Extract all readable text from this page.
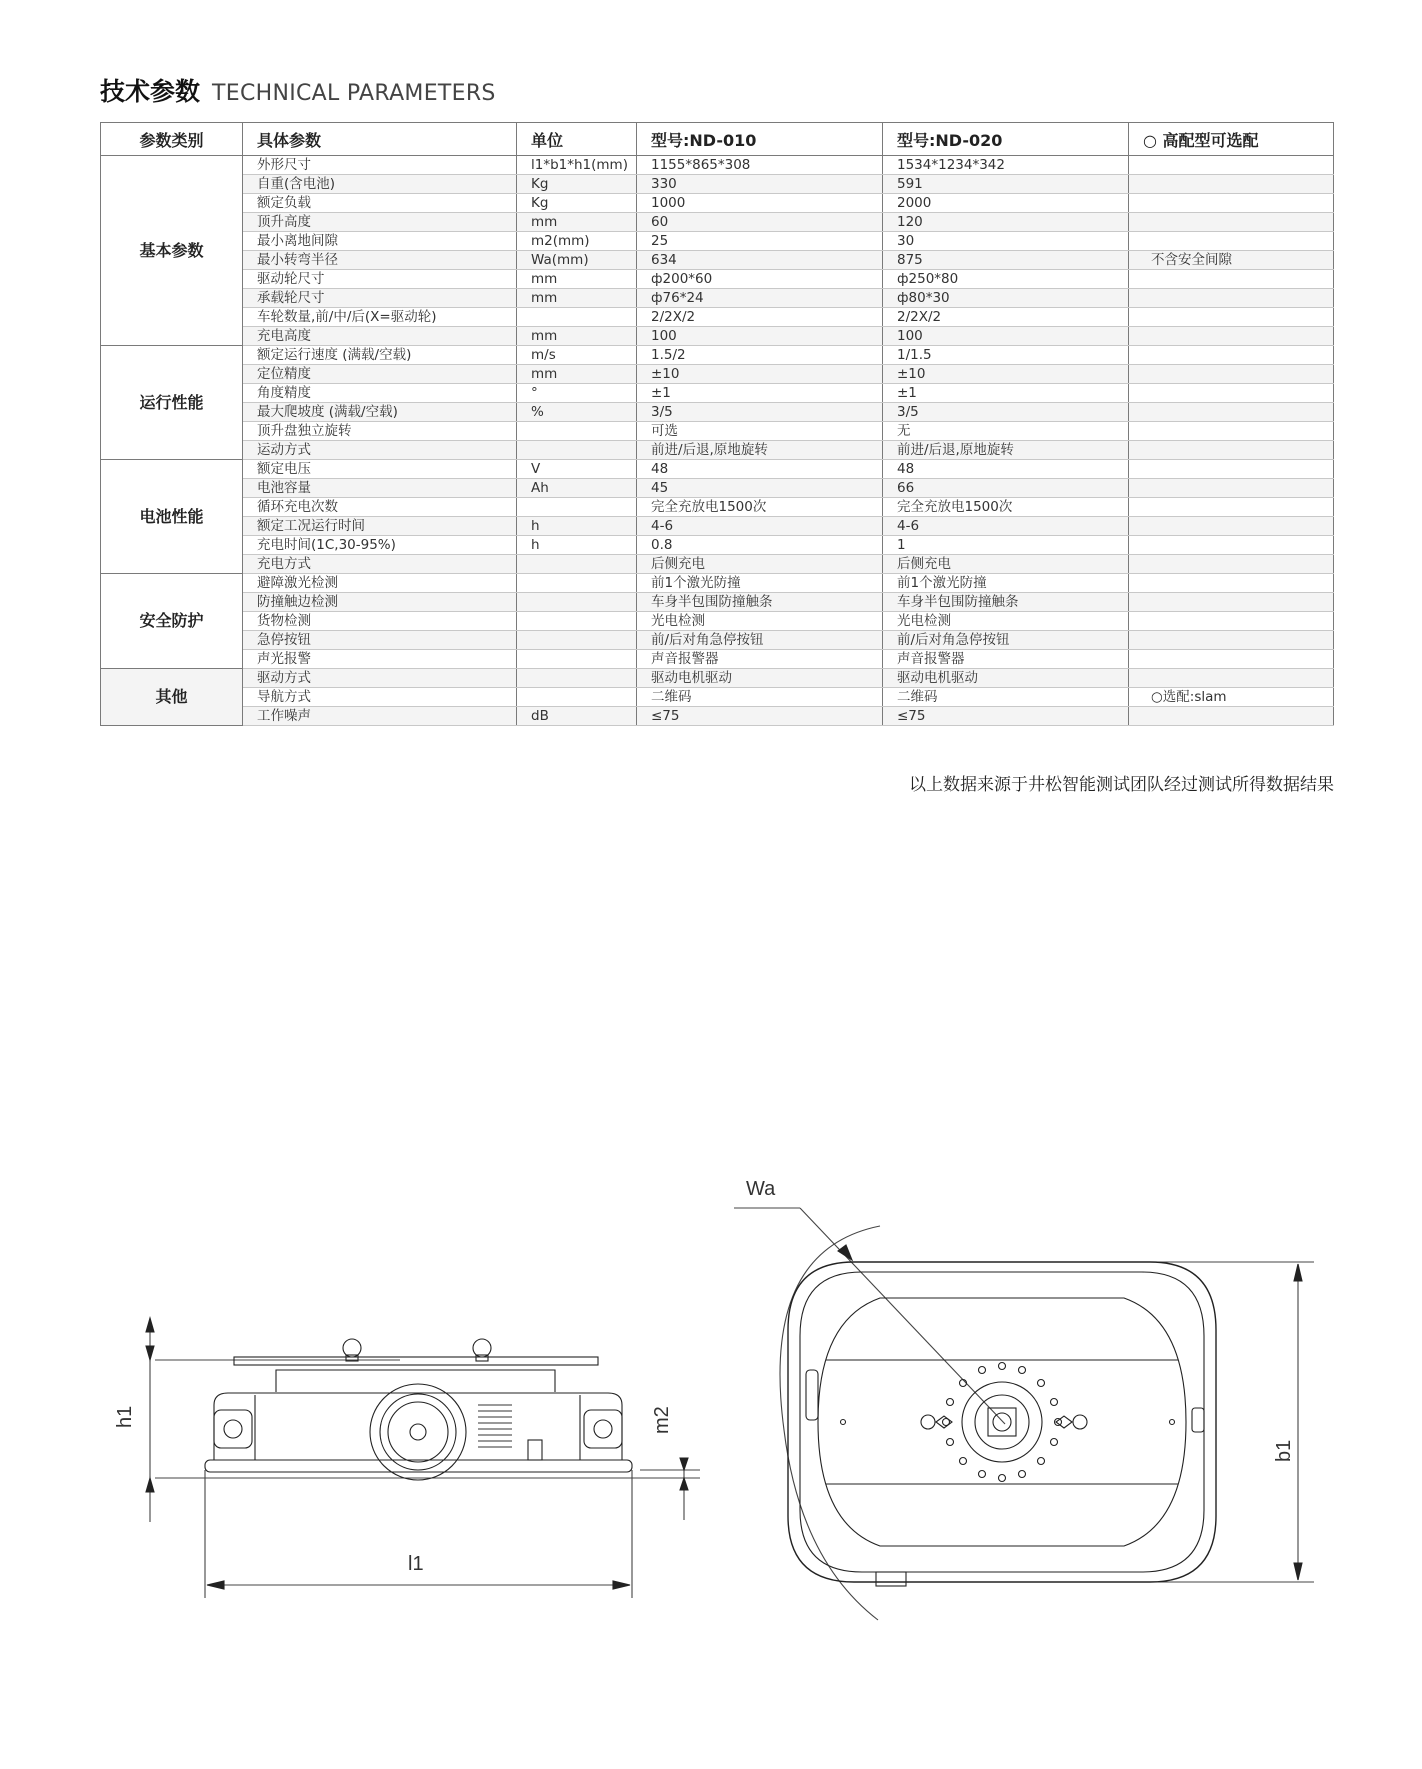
技术参数 TECHNICAL PARAMETERS
参数类别	具体参数	单位	型号:ND-010	型号:ND-020	○ 高配型可选配
基本参数	外形尺寸	l1*b1*h1(mm)	1155*865*308	1534*1234*342	
	自重(含电池)	Kg	330	591	
	额定负载	Kg	1000	2000	
	顶升高度	mm	60	120	
	最小离地间隙	m2(mm)	25	30	
	最小转弯半径	Wa(mm)	634	875	不含安全间隙
	驱动轮尺寸	mm	ф200*60	ф250*80	
	承载轮尺寸	mm	ф76*24	ф80*30	
	车轮数量,前/中/后(X=驱动轮)		2/2X/2	2/2X/2	
	充电高度	mm	100	100	
运行性能	额定运行速度 (满载/空载)	m/s	1.5/2	1/1.5	
	定位精度	mm	±10	±10	
	角度精度	°	±1	±1	
	最大爬坡度 (满载/空载)	%	3/5	3/5	
	顶升盘独立旋转		可选	无	
	运动方式		前进/后退,原地旋转	前进/后退,原地旋转	
电池性能	额定电压	V	48	48	
	电池容量	Ah	45	66	
	循环充电次数		完全充放电1500次	完全充放电1500次	
	额定工况运行时间	h	4-6	4-6	
	充电时间(1C,30-95%)	h	0.8	1	
	充电方式		后侧充电	后侧充电	
安全防护	避障激光检测		前1个激光防撞	前1个激光防撞	
	防撞触边检测		车身半包围防撞触条	车身半包围防撞触条	
	货物检测		光电检测	光电检测	
	急停按钮		前/后对角急停按钮	前/后对角急停按钮	
	声光报警		声音报警器	声音报警器	
其他	驱动方式		驱动电机驱动	驱动电机驱动	
	导航方式		二维码	二维码	○选配:slam
	工作噪声	dB	≤75	≤75	
以上数据来源于井松智能测试团队经过测试所得数据结果
h1	m2
l1
Wa
b1
